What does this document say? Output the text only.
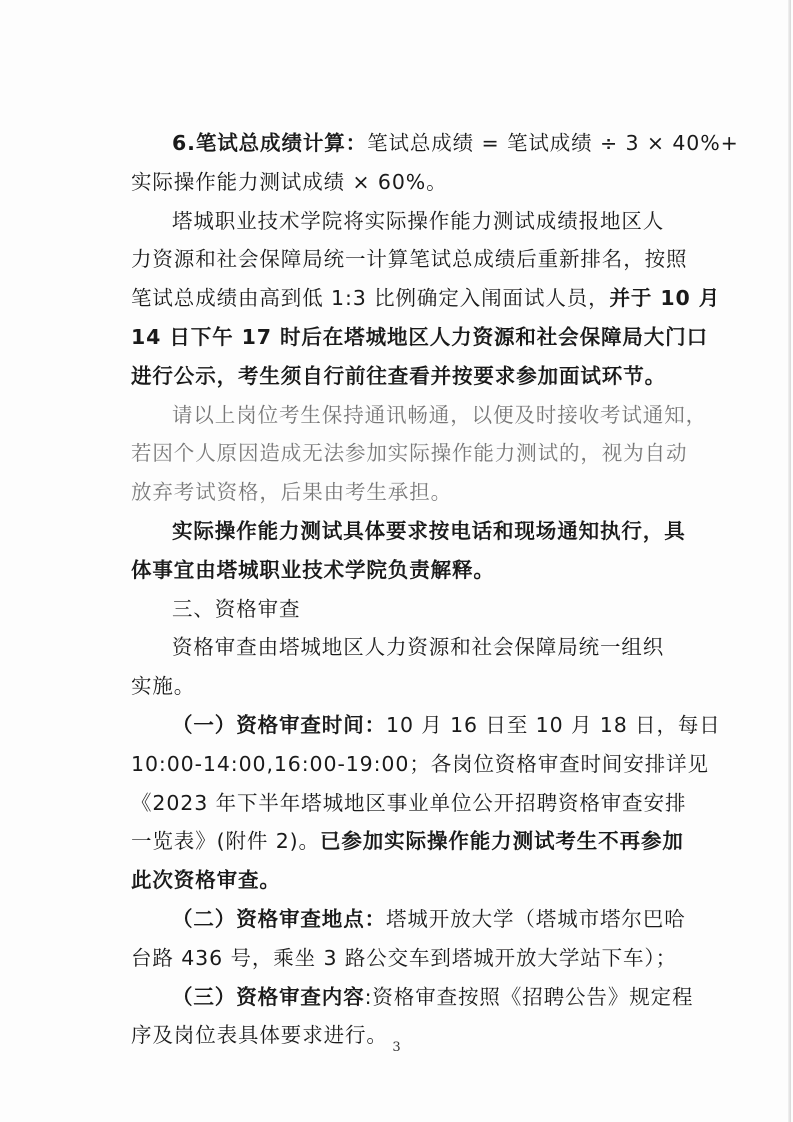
6.笔试总成绩计算：笔试总成绩 = 笔试成绩 ÷ 3 × 40%+
实际操作能力测试成绩 × 60%。
塔城职业技术学院将实际操作能力测试成绩报地区人
力资源和社会保障局统一计算笔试总成绩后重新排名，按照
笔试总成绩由高到低 1:3 比例确定入闱面试人员，并于 10 月
14 日下午 17 时后在塔城地区人力资源和社会保障局大门口
进行公示，考生须自行前往查看并按要求参加面试环节。
请以上岗位考生保持通讯畅通，以便及时接收考试通知，
若因个人原因造成无法参加实际操作能力测试的，视为自动
放弃考试资格，后果由考生承担。
实际操作能力测试具体要求按电话和现场通知执行，具
体事宜由塔城职业技术学院负责解释。
三、资格审查
资格审查由塔城地区人力资源和社会保障局统一组织
实施。
（一）资格审查时间：10 月 16 日至 10 月 18 日，每日
10:00-14:00,16:00-19:00；各岗位资格审查时间安排详见
《2023 年下半年塔城地区事业单位公开招聘资格审查安排
一览表》(附件 2)。已参加实际操作能力测试考生不再参加
此次资格审查。
（二）资格审查地点：塔城开放大学（塔城市塔尔巴哈
台路 436 号，乘坐 3 路公交车到塔城开放大学站下车）；
（三）资格审查内容:资格审查按照《招聘公告》规定程
序及岗位表具体要求进行。
3
